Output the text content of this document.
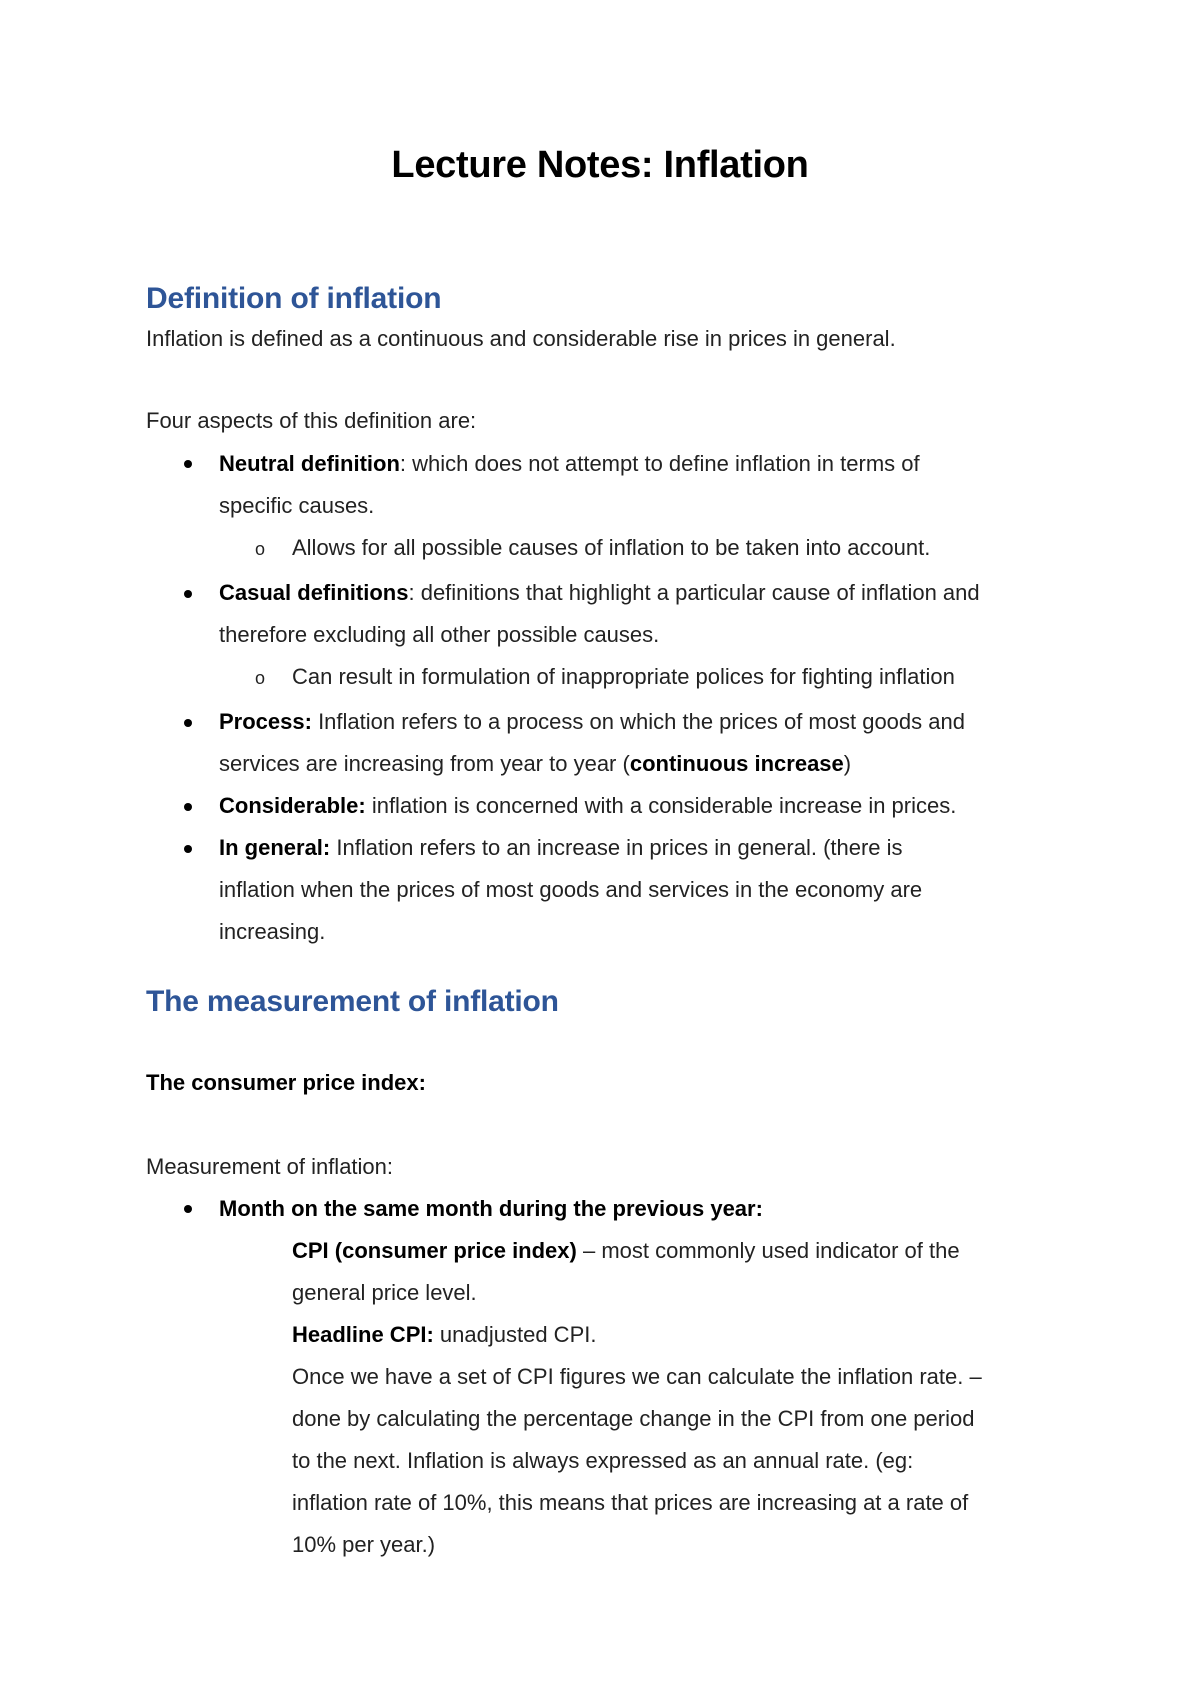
Lecture Notes: Inflation
Definition of inflation

Inflation is defined as a continuous and considerable rise in prices in general.

Four aspects of this definition are:

Neutral definition: which does not attempt to define inflation in terms of

specific causes.

o Allows for all possible causes of inflation to be taken into account.

Casual definitions: definitions that highlight a particular cause of inflation and

therefore excluding all other possible causes.

o Can result in formulation of inappropriate polices for fighting inflation

Process: Inflation refers to a process on which the prices of most goods and

services are increasing from year to year (continuous increase)

Considerable: inflation is concerned with a considerable increase in prices.

In general: Inflation refers to an increase in prices in general. (there is

inflation when the prices of most goods and services in the economy are

increasing.

The measurement of inflation

The consumer price index:

Measurement of inflation:

Month on the same month during the previous year:

CPI (consumer price index) – most commonly used indicator of the

general price level.

Headline CPI: unadjusted CPI.

Once we have a set of CPI figures we can calculate the inflation rate. –

done by calculating the percentage change in the CPI from one period

to the next. Inflation is always expressed as an annual rate. (eg:

inflation rate of 10%, this means that prices are increasing at a rate of

10% per year.)
